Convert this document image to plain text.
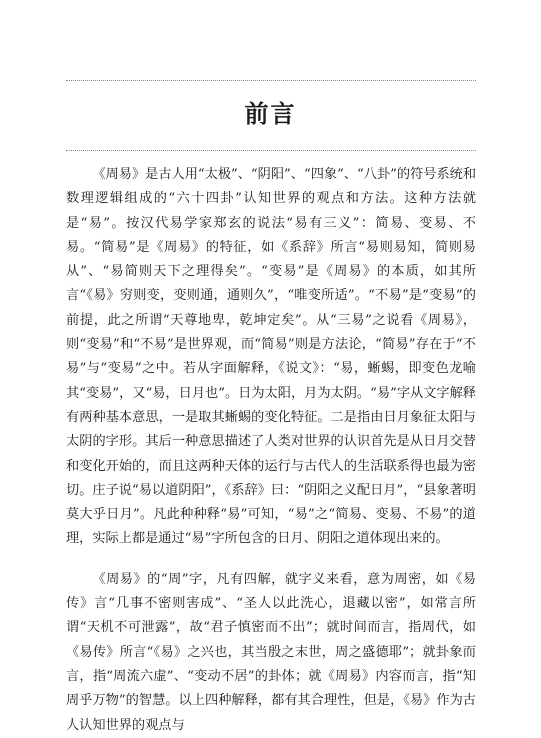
前言

《周易》是古人用“太极”、“阴阳”、“四象”、“八卦”的符号系统和数理逻辑组成的“六十四卦”认知世界的观点和方法。这种方法就是“易”。按汉代易学家郑玄的说法“易有三义”：简易、变易、不易。“简易”是《周易》的特征，如《系辞》所言“易则易知，简则易从”、“易简则天下之理得矣”。“变易”是《周易》的本质，如其所言“《易》穷则变，变则通，通则久”，“唯变所适”。“不易”是“变易”的前提，此之所谓“天尊地卑，乾坤定矣”。从“三易”之说看《周易》，则“变易”和“不易”是世界观，而“简易”则是方法论，“简易”存在于“不易”与“变易”之中。若从字面解释，《说文》：“易，蜥蜴，即变色龙喻其“变易”，又“易，日月也”。日为太阳，月为太阴。“易”字从文字解释有两种基本意思，一是取其蜥蜴的变化特征。二是指由日月象征太阳与太阴的字形。其后一种意思描述了人类对世界的认识首先是从日月交替和变化开始的，而且这两种天体的运行与古代人的生活联系得也最为密切。庄子说“易以道阴阳”，《系辞》曰：“阴阳之义配日月”，“县象著明莫大乎日月”。凡此种种释“易”可知，“易”之“简易、变易、不易”的道理，实际上都是通过“易”字所包含的日月、阴阳之道体现出来的。

《周易》的“周”字，凡有四解，就字义来看，意为周密，如《易传》言“几事不密则害成”、“圣人以此洗心，退藏以密”，如常言所谓“天机不可泄露”，故“君子慎密而不出”；就时间而言，指周代，如《易传》所言“《易》之兴也，其当殷之末世，周之盛德耶”；就卦象而言，指“周流六虚”、“变动不居”的卦体；就《周易》内容而言，指“知周乎万物”的智慧。以上四种解释，都有其合理性，但是，《易》作为古人认知世界的观点与
